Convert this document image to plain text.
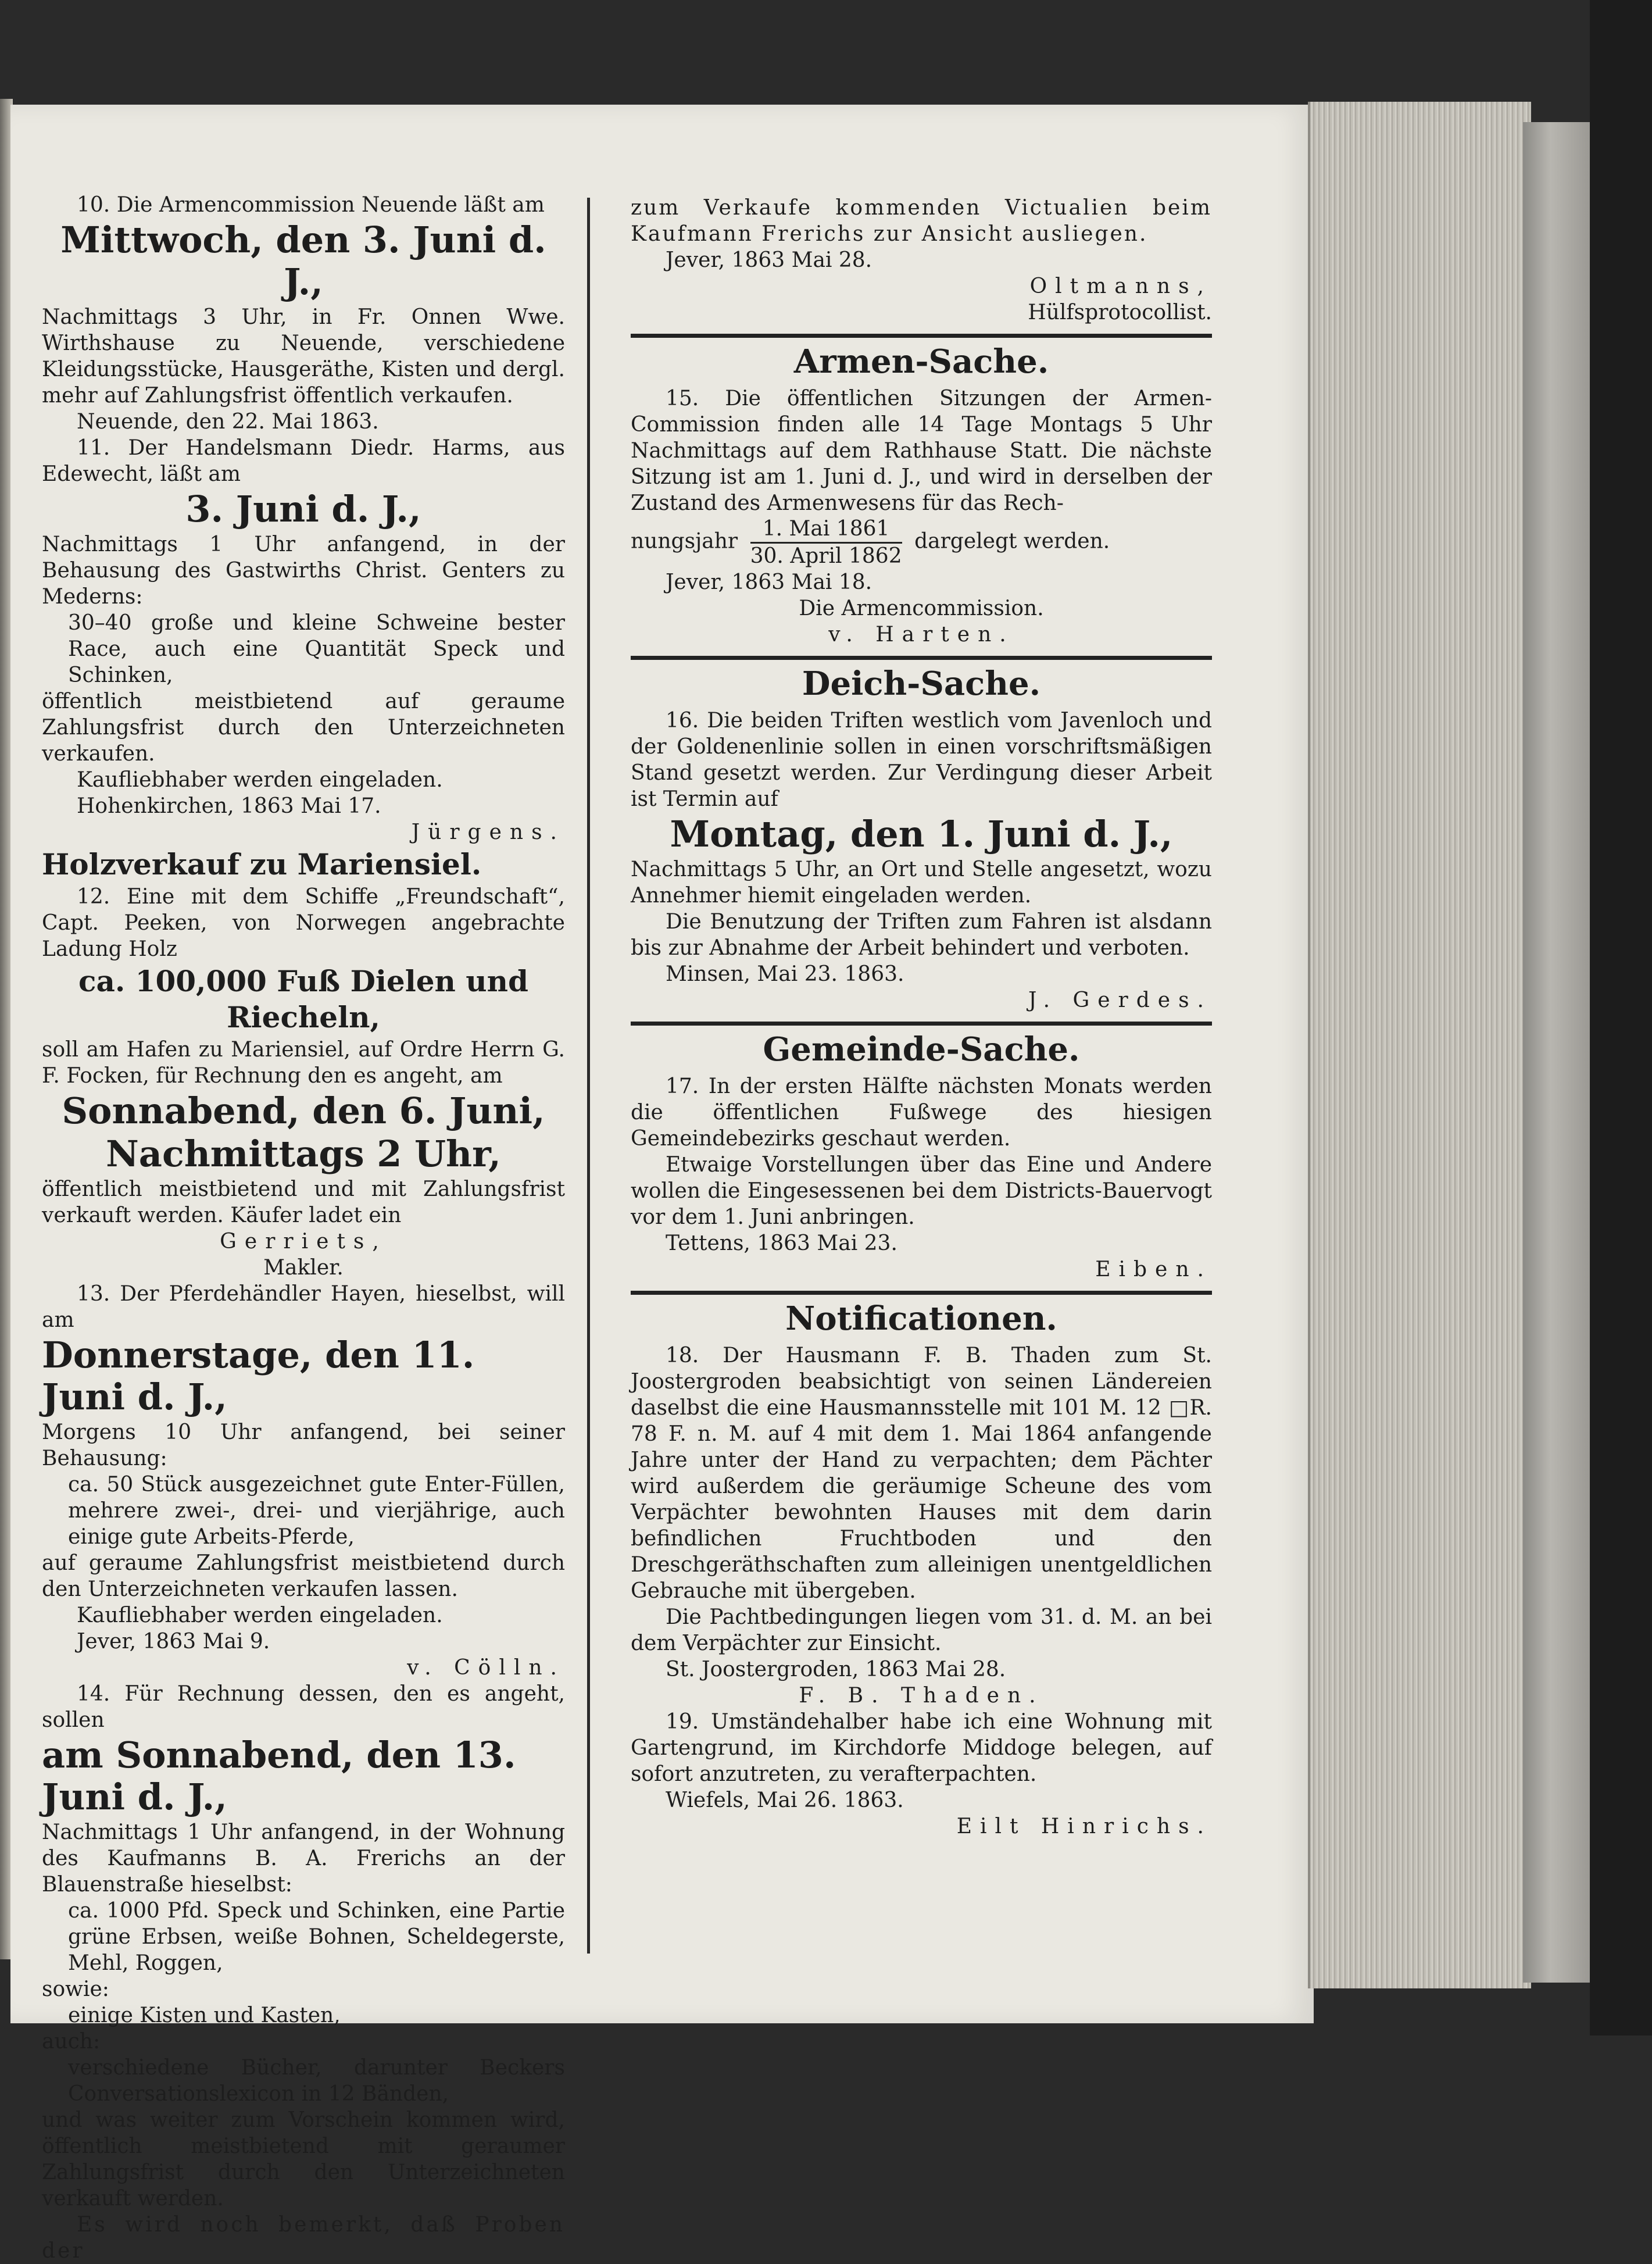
10. Die Armencommission Neuende läßt am

Mittwoch, den 3. Juni d. J.,

Nachmittags 3 Uhr, in Fr. Onnen Wwe. Wirthshause zu Neuende, verschiedene Kleidungsstücke, Hausgeräthe, Kisten und dergl. mehr auf Zahlungsfrist öffentlich verkaufen.

Neuende, den 22. Mai 1863.

11. Der Handelsmann Diedr. Harms, aus Edewecht, läßt am

3. Juni d. J.,

Nachmittags 1 Uhr anfangend, in der Behausung des Gastwirths Christ. Genters zu Mederns:

30–40 große und kleine Schweine bester Race, auch eine Quantität Speck und Schinken,

öffentlich meistbietend auf geraume Zahlungsfrist durch den Unterzeichneten verkaufen.

Kaufliebhaber werden eingeladen.

Hohenkirchen, 1863 Mai 17.

Jürgens.

Holzverkauf zu Mariensiel.

12. Eine mit dem Schiffe „Freundschaft“, Capt. Peeken, von Norwegen angebrachte Ladung Holz

ca. 100,000 Fuß Dielen und Riecheln,

soll am Hafen zu Mariensiel, auf Ordre Herrn G. F. Focken, für Rechnung den es angeht, am

Sonnabend, den 6. Juni,

Nachmittags 2 Uhr,

öffentlich meistbietend und mit Zahlungsfrist verkauft werden. Käufer ladet ein

Gerriets,

Makler.

13. Der Pferdehändler Hayen, hieselbst, will am

Donnerstage, den 11. Juni d. J.,

Morgens 10 Uhr anfangend, bei seiner Behausung:

ca. 50 Stück ausgezeichnet gute Enter-Füllen, mehrere zwei-, drei- und vierjährige, auch einige gute Arbeits-Pferde,

auf geraume Zahlungsfrist meistbietend durch den Unterzeichneten verkaufen lassen.

Kaufliebhaber werden eingeladen.

Jever, 1863 Mai 9.

v. Cölln.

14. Für Rechnung dessen, den es angeht, sollen

am Sonnabend, den 13. Juni d. J.,

Nachmittags 1 Uhr anfangend, in der Wohnung des Kaufmanns B. A. Frerichs an der Blauenstraße hieselbst:

ca. 1000 Pfd. Speck und Schinken, eine Partie grüne Erbsen, weiße Bohnen, Scheldegerste, Mehl, Roggen,

sowie:

einige Kisten und Kasten,

auch:

verschiedene Bücher, darunter Beckers Conversationslexicon in 12 Bänden,

und was weiter zum Vorschein kommen wird, öffentlich meistbietend mit geraumer Zahlungsfrist durch den Unterzeichneten verkauft werden.

Es wird noch bemerkt, daß Proben der

zum Verkaufe kommenden Victualien beim Kaufmann Frerichs zur Ansicht ausliegen.

Jever, 1863 Mai 28.

Oltmanns,

Hülfsprotocollist.

Armen-Sache.

15. Die öffentlichen Sitzungen der Armen-Commission finden alle 14 Tage Montags 5 Uhr Nachmittags auf dem Rathhause Statt. Die nächste Sitzung ist am 1. Juni d. J., und wird in derselben der Zustand des Armenwesens für das Rech-

nungsjahr $\frac{\text{1. Mai 1861}}{\text{30. April 1862}}$ dargelegt werden.

Jever, 1863 Mai 18.

Die Armencommission.

v. Harten.

Deich-Sache.

16. Die beiden Triften westlich vom Javenloch und der Goldenenlinie sollen in einen vorschriftsmäßigen Stand gesetzt werden. Zur Verdingung dieser Arbeit ist Termin auf

Montag, den 1. Juni d. J.,

Nachmittags 5 Uhr, an Ort und Stelle angesetzt, wozu Annehmer hiemit eingeladen werden.

Die Benutzung der Triften zum Fahren ist alsdann bis zur Abnahme der Arbeit behindert und verboten.

Minsen, Mai 23. 1863.

J. Gerdes.

Gemeinde-Sache.

17. In der ersten Hälfte nächsten Monats werden die öffentlichen Fußwege des hiesigen Gemeindebezirks geschaut werden.

Etwaige Vorstellungen über das Eine und Andere wollen die Eingesessenen bei dem Districts-Bauervogt vor dem 1. Juni anbringen.

Tettens, 1863 Mai 23.

Eiben.

Notificationen.

18. Der Hausmann F. B. Thaden zum St. Joostergroden beabsichtigt von seinen Ländereien daselbst die eine Hausmannsstelle mit 101 M. 12 □R. 78 F. n. M. auf 4 mit dem 1. Mai 1864 anfangende Jahre unter der Hand zu verpachten; dem Pächter wird außerdem die geräumige Scheune des vom Verpächter bewohnten Hauses mit dem darin befindlichen Fruchtboden und den Dreschgeräthschaften zum alleinigen unentgeldlichen Gebrauche mit übergeben.

Die Pachtbedingungen liegen vom 31. d. M. an bei dem Verpächter zur Einsicht.

St. Joostergroden, 1863 Mai 28.

F. B. Thaden.

19. Umständehalber habe ich eine Wohnung mit Gartengrund, im Kirchdorfe Middoge belegen, auf sofort anzutreten, zu verafterpachten.

Wiefels, Mai 26. 1863.

Eilt Hinrichs.
